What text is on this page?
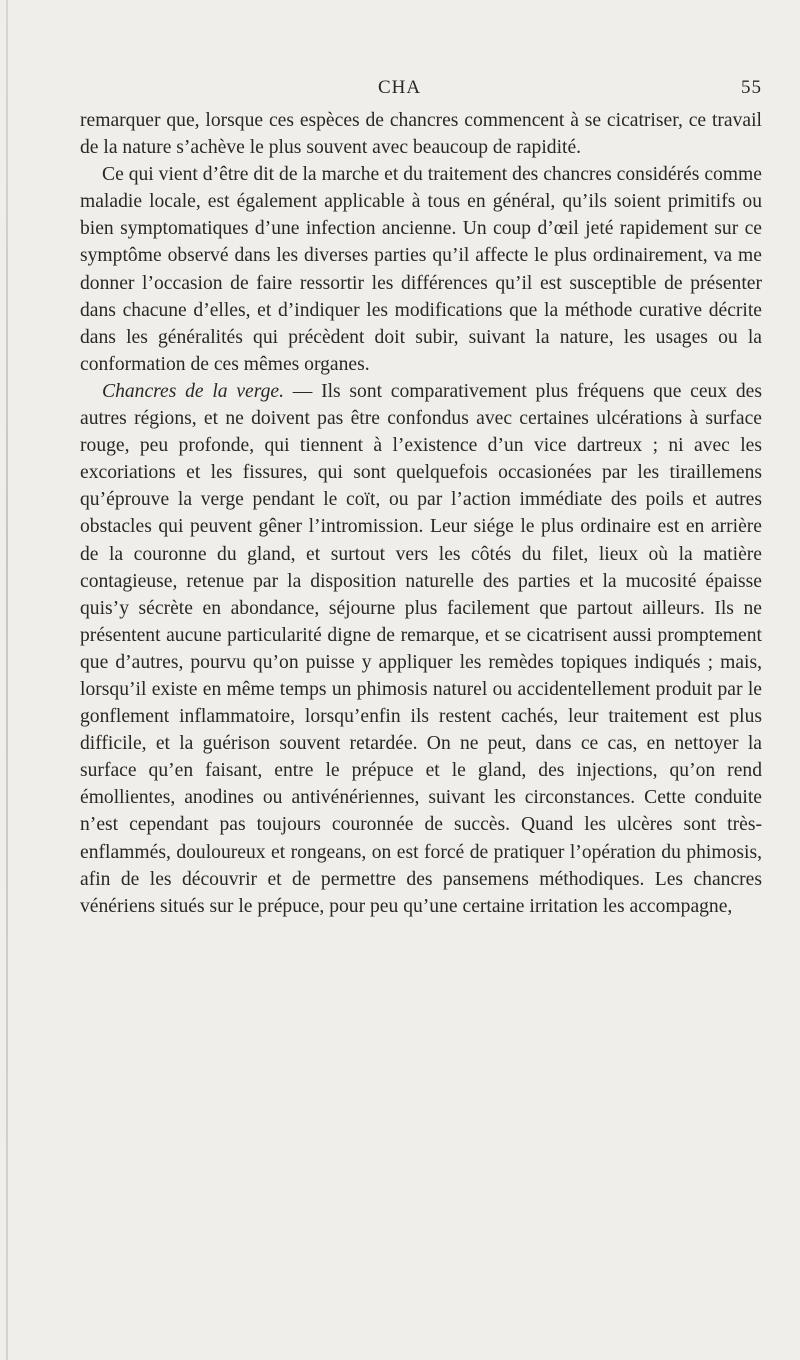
CHA	55

remarquer que, lorsque ces espèces de chancres commencent à se cicatriser, ce travail de la nature s’achève le plus souvent avec beaucoup de rapidité.

Ce qui vient d’être dit de la marche et du traitement des chancres considérés comme maladie locale, est également applicable à tous en général, qu’ils soient primitifs ou bien symptomatiques d’une infection ancienne. Un coup d’œil jeté rapidement sur ce symptôme observé dans les diverses parties qu’il affecte le plus ordinairement, va me donner l’occasion de faire ressortir les différences qu’il est susceptible de présenter dans chacune d’elles, et d’indiquer les modifications que la méthode curative décrite dans les généralités qui précèdent doit subir, suivant la nature, les usages ou la conformation de ces mêmes organes.

Chancres de la verge. — Ils sont comparativement plus fréquens que ceux des autres régions, et ne doivent pas être confondus avec certaines ulcérations à surface rouge, peu profonde, qui tiennent à l’existence d’un vice dartreux ; ni avec les excoriations et les fissures, qui sont quelquefois occasionées par les tiraillemens qu’éprouve la verge pendant le coït, ou par l’action immédiate des poils et autres obstacles qui peuvent gêner l’intromission. Leur siége le plus ordinaire est en arrière de la couronne du gland, et surtout vers les côtés du filet, lieux où la matière contagieuse, retenue par la disposition naturelle des parties et la mucosité épaisse quis’y sécrète en abondance, séjourne plus facilement que partout ailleurs. Ils ne présentent aucune particularité digne de remarque, et se cicatrisent aussi promptement que d’autres, pourvu qu’on puisse y appliquer les remèdes topiques indiqués ; mais, lorsqu’il existe en même temps un phimosis naturel ou accidentellement produit par le gonflement inflammatoire, lorsqu’enfin ils restent cachés, leur traitement est plus difficile, et la guérison souvent retardée. On ne peut, dans ce cas, en nettoyer la surface qu’en faisant, entre le prépuce et le gland, des injections, qu’on rend émollientes, anodines ou antivénériennes, suivant les circonstances. Cette conduite n’est cependant pas toujours couronnée de succès. Quand les ulcères sont très-enflammés, douloureux et rongeans, on est forcé de pratiquer l’opération du phimosis, afin de les découvrir et de permettre des pansemens méthodiques. Les chancres vénériens situés sur le prépuce, pour peu qu’une certaine irritation les accompagne,
